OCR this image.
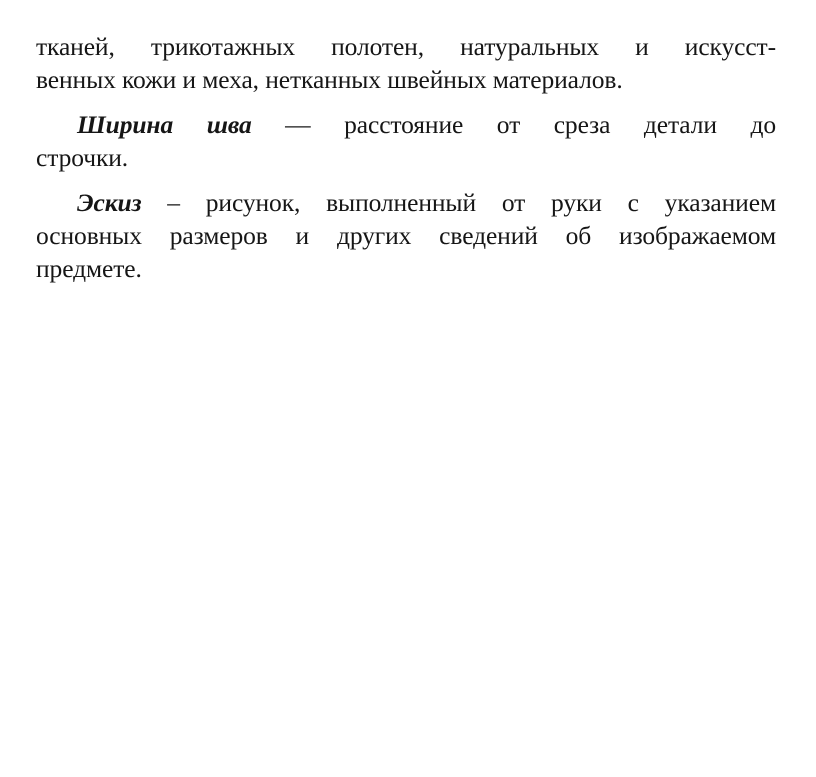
тканей, трикотажных полотен, натуральных и искусст-
венных кожи и меха, нетканных швейных материалов.

Ширина шва — расстояние от среза детали до
строчки.

Эскиз – рисунок, выполненный от руки с указанием
основных размеров и других сведений об изображаемом
предмете.
